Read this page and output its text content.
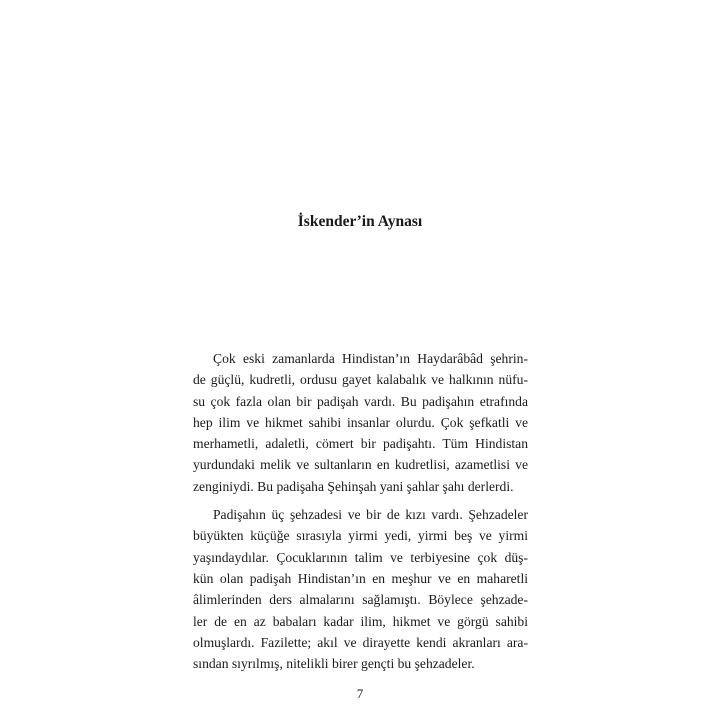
İskender’in Aynası
Çok eski zamanlarda Hindistan’ın Haydarâbâd şehrin-
de güçlü, kudretli, ordusu gayet kalabalık ve halkının nüfu-
su çok fazla olan bir padişah vardı. Bu padişahın etrafında
hep ilim ve hikmet sahibi insanlar olurdu. Çok şefkatli ve
merhametli, adaletli, cömert bir padişahtı. Tüm Hindistan
yurdundaki melik ve sultanların en kudretlisi, azametlisi ve
zenginiydi. Bu padişaha Şehinşah yani şahlar şahı derlerdi.
Padişahın üç şehzadesi ve bir de kızı vardı. Şehzadeler
büyükten küçüğe sırasıyla yirmi yedi, yirmi beş ve yirmi
yaşındaydılar. Çocuklarının talim ve terbiyesine çok düş-
kün olan padişah Hindistan’ın en meşhur ve en maharetli
âlimlerinden ders almalarını sağlamıştı. Böylece şehzade-
ler de en az babaları kadar ilim, hikmet ve görgü sahibi
olmuşlardı. Fazilette; akıl ve dirayette kendi akranları ara-
sından sıyrılmış, nitelikli birer gençti bu şehzadeler.
7
